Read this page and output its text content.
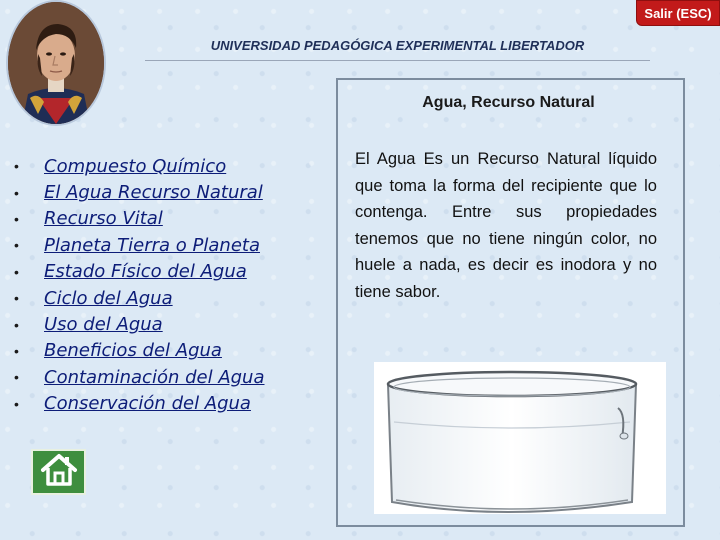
Salir (ESC)
UNIVERSIDAD PEDAGÓGICA EXPERIMENTAL LIBERTADOR
•	Compuesto Químico
•	El Agua Recurso Natural
•	Recurso Vital
•	Planeta Tierra o Planeta
•	Estado Físico del Agua
•	Ciclo del Agua
•	Uso del Agua
•	Beneficios del Agua
•	Contaminación del Agua
•	Conservación del Agua
Agua, Recurso Natural
El Agua Es un Recurso Natural líquido que toma la forma del recipiente que lo contenga. Entre sus propiedades tenemos que no tiene ningún color, no huele a nada, es decir es inodora y no tiene sabor.
